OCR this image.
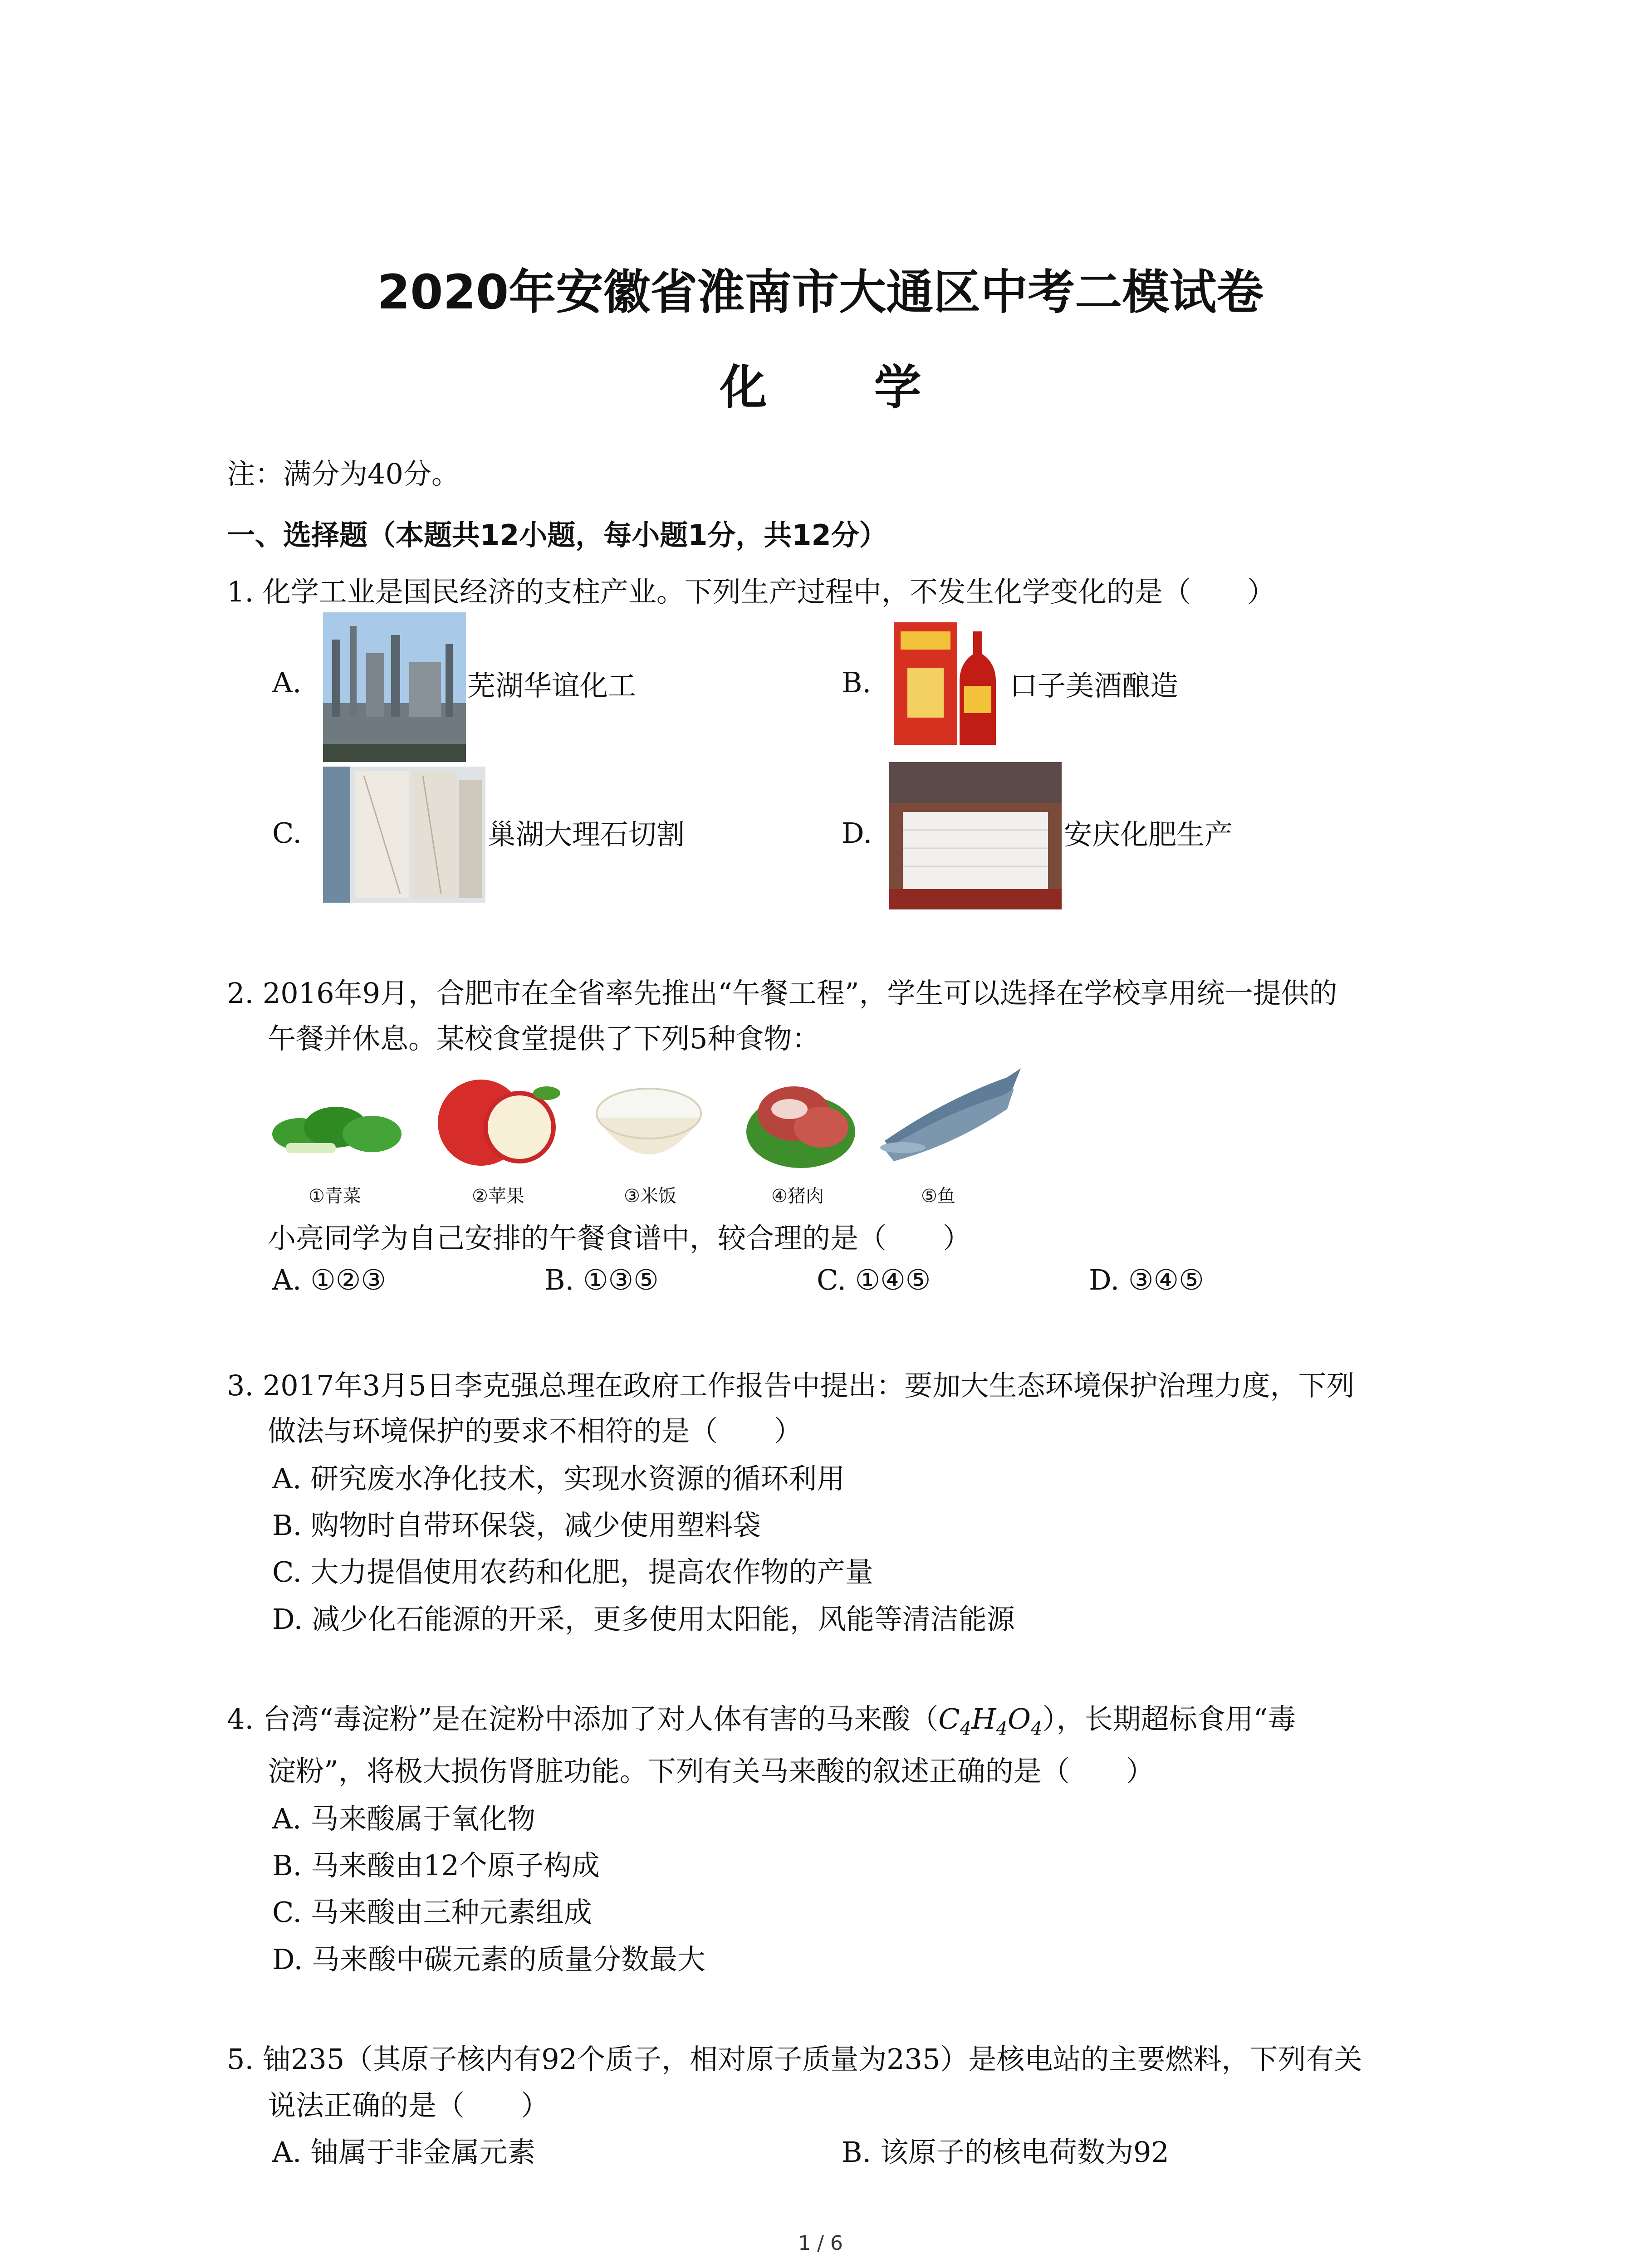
2020年安徽省淮南市大通区中考二模试卷
化 学
注：满分为40分。
一、选择题（本题共12小题，每小题1分，共12分）
1. 化学工业是国民经济的支柱产业。下列生产过程中，不发生化学变化的是（　　）
A.	芜湖华谊化工	B.	口子美酒酿造
C.	巢湖大理石切割	D.	安庆化肥生产
2. 2016年9月，合肥市在全省率先推出“午餐工程”，学生可以选择在学校享用统一提供的
午餐并休息。某校食堂提供了下列5种食物：
①青菜	②苹果	③米饭	④猪肉	⑤鱼
小亮同学为自己安排的午餐食谱中，较合理的是（　　）
A. ①②③	B. ①③⑤	C. ①④⑤	D. ③④⑤
3. 2017年3月5日李克强总理在政府工作报告中提出：要加大生态环境保护治理力度，下列
做法与环境保护的要求不相符的是（　　）
A. 研究废水净化技术，实现水资源的循环利用
B. 购物时自带环保袋，减少使用塑料袋
C. 大力提倡使用农药和化肥，提高农作物的产量
D. 减少化石能源的开采，更多使用太阳能，风能等清洁能源
4. 台湾“毒淀粉”是在淀粉中添加了对人体有害的马来酸$(C_4H_4O_4)$，长期超标食用“毒
淀粉”，将极大损伤肾脏功能。下列有关马来酸的叙述正确的是（　　）
A. 马来酸属于氧化物
B. 马来酸由12个原子构成
C. 马来酸由三种元素组成
D. 马来酸中碳元素的质量分数最大
5. 铀235（其原子核内有92个质子，相对原子质量为235）是核电站的主要燃料，下列有关
说法正确的是（　　）
A. 铀属于非金属元素	B. 该原子的核电荷数为92
1 / 6
